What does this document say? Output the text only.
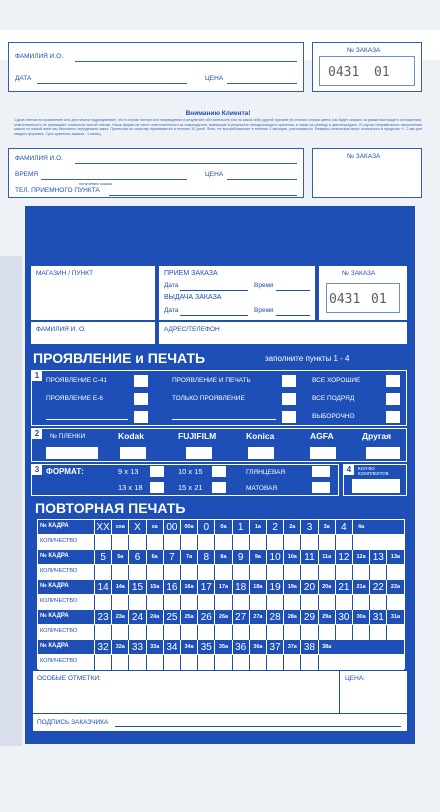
ФАМИЛИЯ И.О.
ДАТА	ЦЕНА
№ ЗАКАЗА
0431 01
Вниманию Клиента!
Сдача пленок на проявление или для печати подразумевает, что в случае потери или повреждения в результате обстоятельств или по какой-либо другой причине (в отличие случая цвета, как будет сказано за рамки настоящего соглашения), ответственность не превышает стоимости чистой пленки. Наша фирма не несет ответственности за повреждения, возникшие в результате ненадлежащего хранения, а также за разницу в цветопередаче. В случае неправильного выполнения заказа по нашей вине мы бесплатно переделаем заказ. Претензии по качеству принимаются в течение 10 дней. Фото, не востребованные в течение 2 месяцев, уничтожаются. Размеры отпечатков могут отличаться в пределах +/- 2 мм для каждого формата. Срок хранения заказов - 1 месяц.
ФАМИЛИЯ И.О.
ВРЕМЯ
получения заказа
ЦЕНА
ТЕЛ. ПРИЕМНОГО ПУНКТА
№ ЗАКАЗА
МАГАЗИН / ПУНКТ	ПРИЕМ ЗАКАЗА
Дата	Время
ВЫДАЧА ЗАКАЗА
Дата	Время
№ ЗАКАЗА
0431 01
ФАМИЛИЯ И. О.	АДРЕС/ТЕЛЕФОН
ПРОЯВЛЕНИЕ и ПЕЧАТЬ	заполните пункты 1 - 4
1
ПРОЯВЛЕНИЕ С-41
ПРОЯВЛЕНИЕ Е-6
ПРОЯВЛЕНИЕ И ПЕЧАТЬ
ТОЛЬКО ПРОЯВЛЕНИЕ
ВСЕ ХОРОШИЕ
ВСЕ ПОДРЯД
ВЫБОРОЧНО
2	№ ПЛЕНКИ	Kodak	FUJIFILM	Konica	AGFA	Другая
3 ФОРМАТ:	9 x 13
13 x 18
10 x 15
15 x 21
ГЛЯНЦЕВАЯ
МАТОВАЯ
4	КОЛ-ВО КОМПЛЕКТОВ
ПОВТОРНАЯ ПЕЧАТЬ
№ КАДРА	XX	xxa X	xa 00	00a 0	0a	1	1a	2	2a	3	3a	4	4a
КОЛИЧЕСТВО
№ КАДРА	5	5a	6	6a	7	7a	8	8a	9	9a 10	10a 11	11a 12	12a 13	13a
КОЛИЧЕСТВО
№ КАДРА	14	14a 15	15a 16	16a 17	17a 18	18a 19	19a 20	20a 21	21a 22	22a
КОЛИЧЕСТВО
№ КАДРА	23	23a 24	24a 25	25a 26	26a 27	27a 28	28a 29	29a 30	30a 31	31a
КОЛИЧЕСТВО
№ КАДРА	32	32a 33	33a 34	34a 35	35a 36	36a 37	37a 38	38a
КОЛИЧЕСТВО
ОСОБЫЕ ОТМЕТКИ:	ЦЕНА:
ПОДПИСЬ ЗАКАЗЧИКА
